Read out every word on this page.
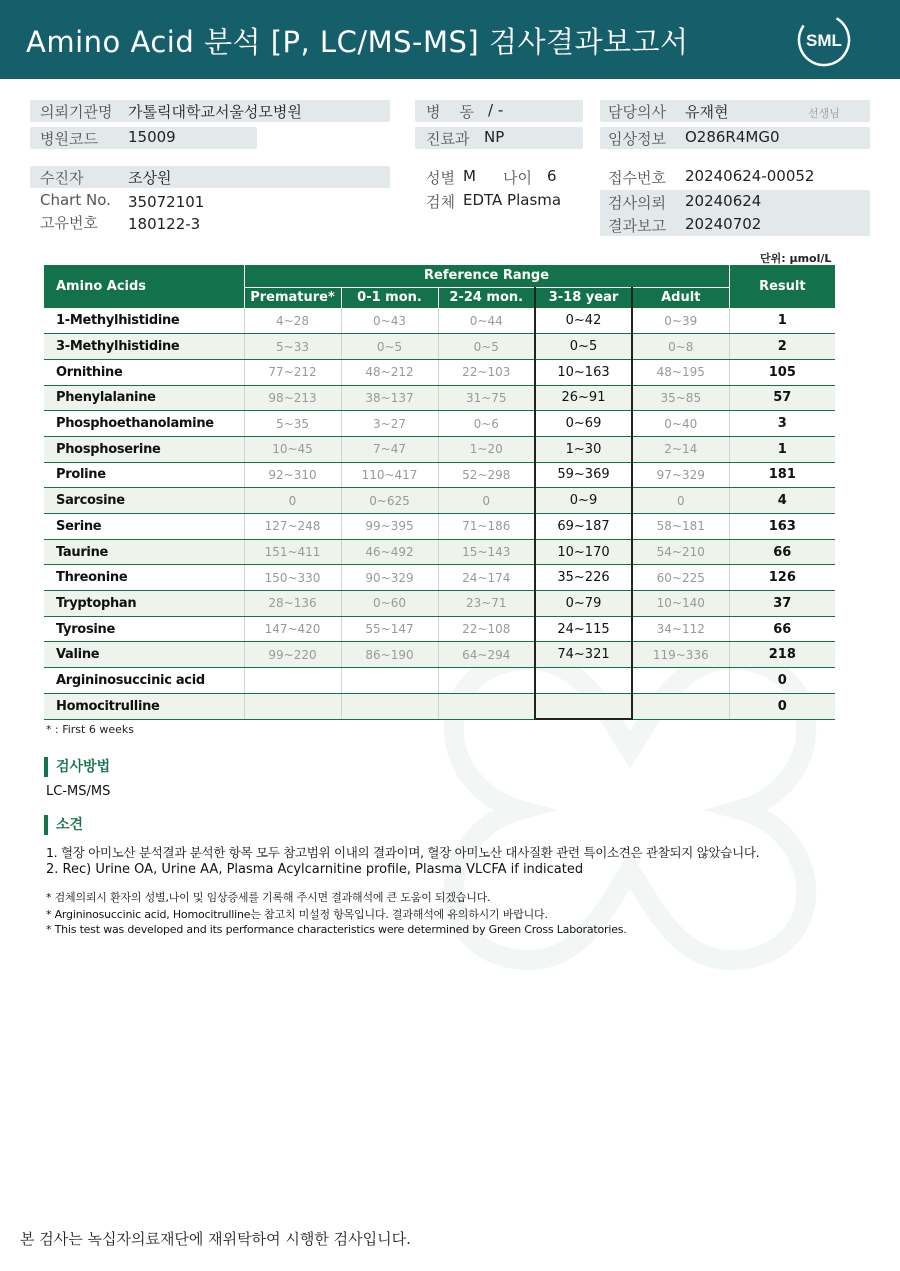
Amino Acid 분석 [P, LC/MS-MS] 검사결과보고서	SML
의뢰기관명 가톨릭대학교서울성모병원
병원코드 15009
병    동 / -
진료과 NP
담당의사 유재현	선생님
임상정보 O286R4MG0
수진자	조상원
Chart No. 35072101
고유번호 180122-3
성별 M 나이 6
검체 EDTA Plasma
접수번호 20240624-00052
검사의뢰 20240624
결과보고 20240702
단위: μmol/L
Amino Acids	Reference Range					Result
	Premature*	0-1 mon.	2-24 mon.	3-18 year	Adult	
1-Methylhistidine	4~28	0~43	0~44	0~42	0~39	1
3-Methylhistidine	5~33	0~5	0~5	0~5	0~8	2
Ornithine	77~212	48~212	22~103	10~163	48~195	105
Phenylalanine	98~213	38~137	31~75	26~91	35~85	57
Phosphoethanolamine	5~35	3~27	0~6	0~69	0~40	3
Phosphoserine	10~45	7~47	1~20	1~30	2~14	1
Proline	92~310	110~417	52~298	59~369	97~329	181
Sarcosine	0	0~625	0	0~9	0	4
Serine	127~248	99~395	71~186	69~187	58~181	163
Taurine	151~411	46~492	15~143	10~170	54~210	66
Threonine	150~330	90~329	24~174	35~226	60~225	126
Tryptophan	28~136	0~60	23~71	0~79	10~140	37
Tyrosine	147~420	55~147	22~108	24~115	34~112	66
Valine	99~220	86~190	64~294	74~321	119~336	218
Argininosuccinic acid						0
Homocitrulline						0
* : First 6 weeks
검사방법
LC-MS/MS
소견
1. 혈장 아미노산 분석결과 분석한 항목 모두 참고범위 이내의 결과이며, 혈장 아미노산 대사질환 관련 특이소견은 관찰되지 않았습니다.
2. Rec) Urine OA, Urine AA, Plasma Acylcarnitine profile, Plasma VLCFA if indicated
* 검체의뢰시 환자의 성별,나이 및 임상증세를 기록해 주시면 결과해석에 큰 도움이 되겠습니다.
* Argininosuccinic acid, Homocitrulline는 참고치 미설정 항목입니다. 결과해석에 유의하시기 바랍니다.
* This test was developed and its performance characteristics were determined by Green Cross Laboratories.
본 검사는 녹십자의료재단에 재위탁하여 시행한 검사입니다.
